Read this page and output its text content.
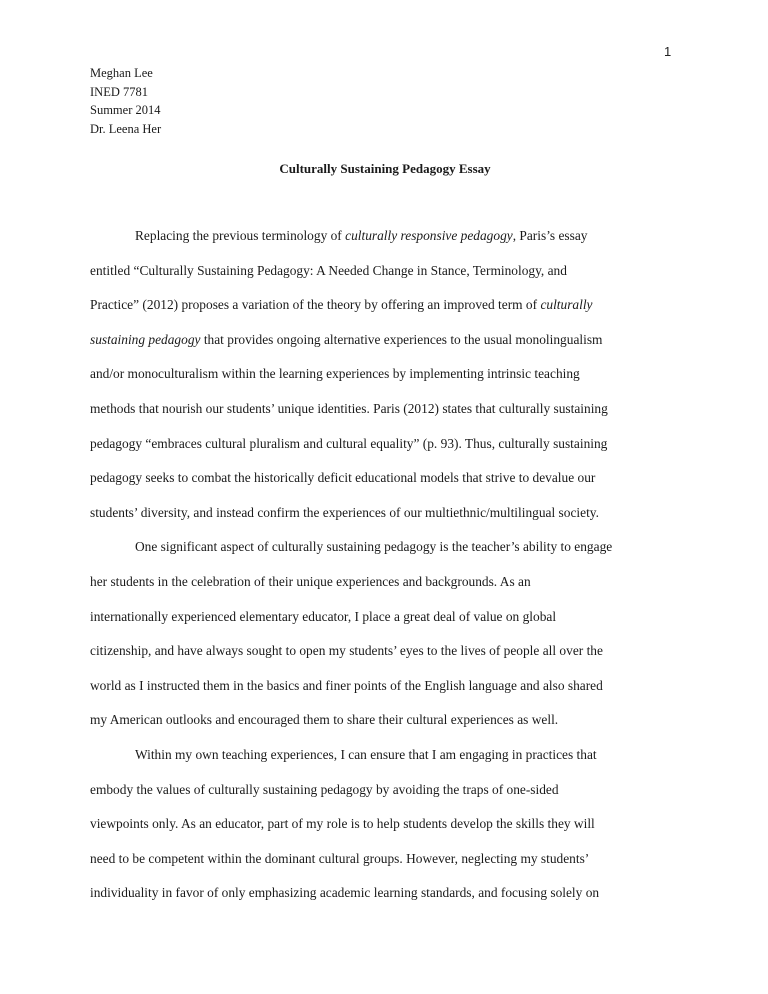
1
Meghan Lee
INED 7781
Summer 2014
Dr. Leena Her
Culturally Sustaining Pedagogy Essay
Replacing the previous terminology of culturally responsive pedagogy, Paris’s essay
entitled “Culturally Sustaining Pedagogy: A Needed Change in Stance, Terminology, and
Practice” (2012) proposes a variation of the theory by offering an improved term of culturally
sustaining pedagogy that provides ongoing alternative experiences to the usual monolingualism
and/or monoculturalism within the learning experiences by implementing intrinsic teaching
methods that nourish our students’ unique identities. Paris (2012) states that culturally sustaining
pedagogy “embraces cultural pluralism and cultural equality” (p. 93). Thus, culturally sustaining
pedagogy seeks to combat the historically deficit educational models that strive to devalue our
students’ diversity, and instead confirm the experiences of our multiethnic/multilingual society.
One significant aspect of culturally sustaining pedagogy is the teacher’s ability to engage
her students in the celebration of their unique experiences and backgrounds. As an
internationally experienced elementary educator, I place a great deal of value on global
citizenship, and have always sought to open my students’ eyes to the lives of people all over the
world as I instructed them in the basics and finer points of the English language and also shared
my American outlooks and encouraged them to share their cultural experiences as well.
Within my own teaching experiences, I can ensure that I am engaging in practices that
embody the values of culturally sustaining pedagogy by avoiding the traps of one-sided
viewpoints only. As an educator, part of my role is to help students develop the skills they will
need to be competent within the dominant cultural groups. However, neglecting my students’
individuality in favor of only emphasizing academic learning standards, and focusing solely on
